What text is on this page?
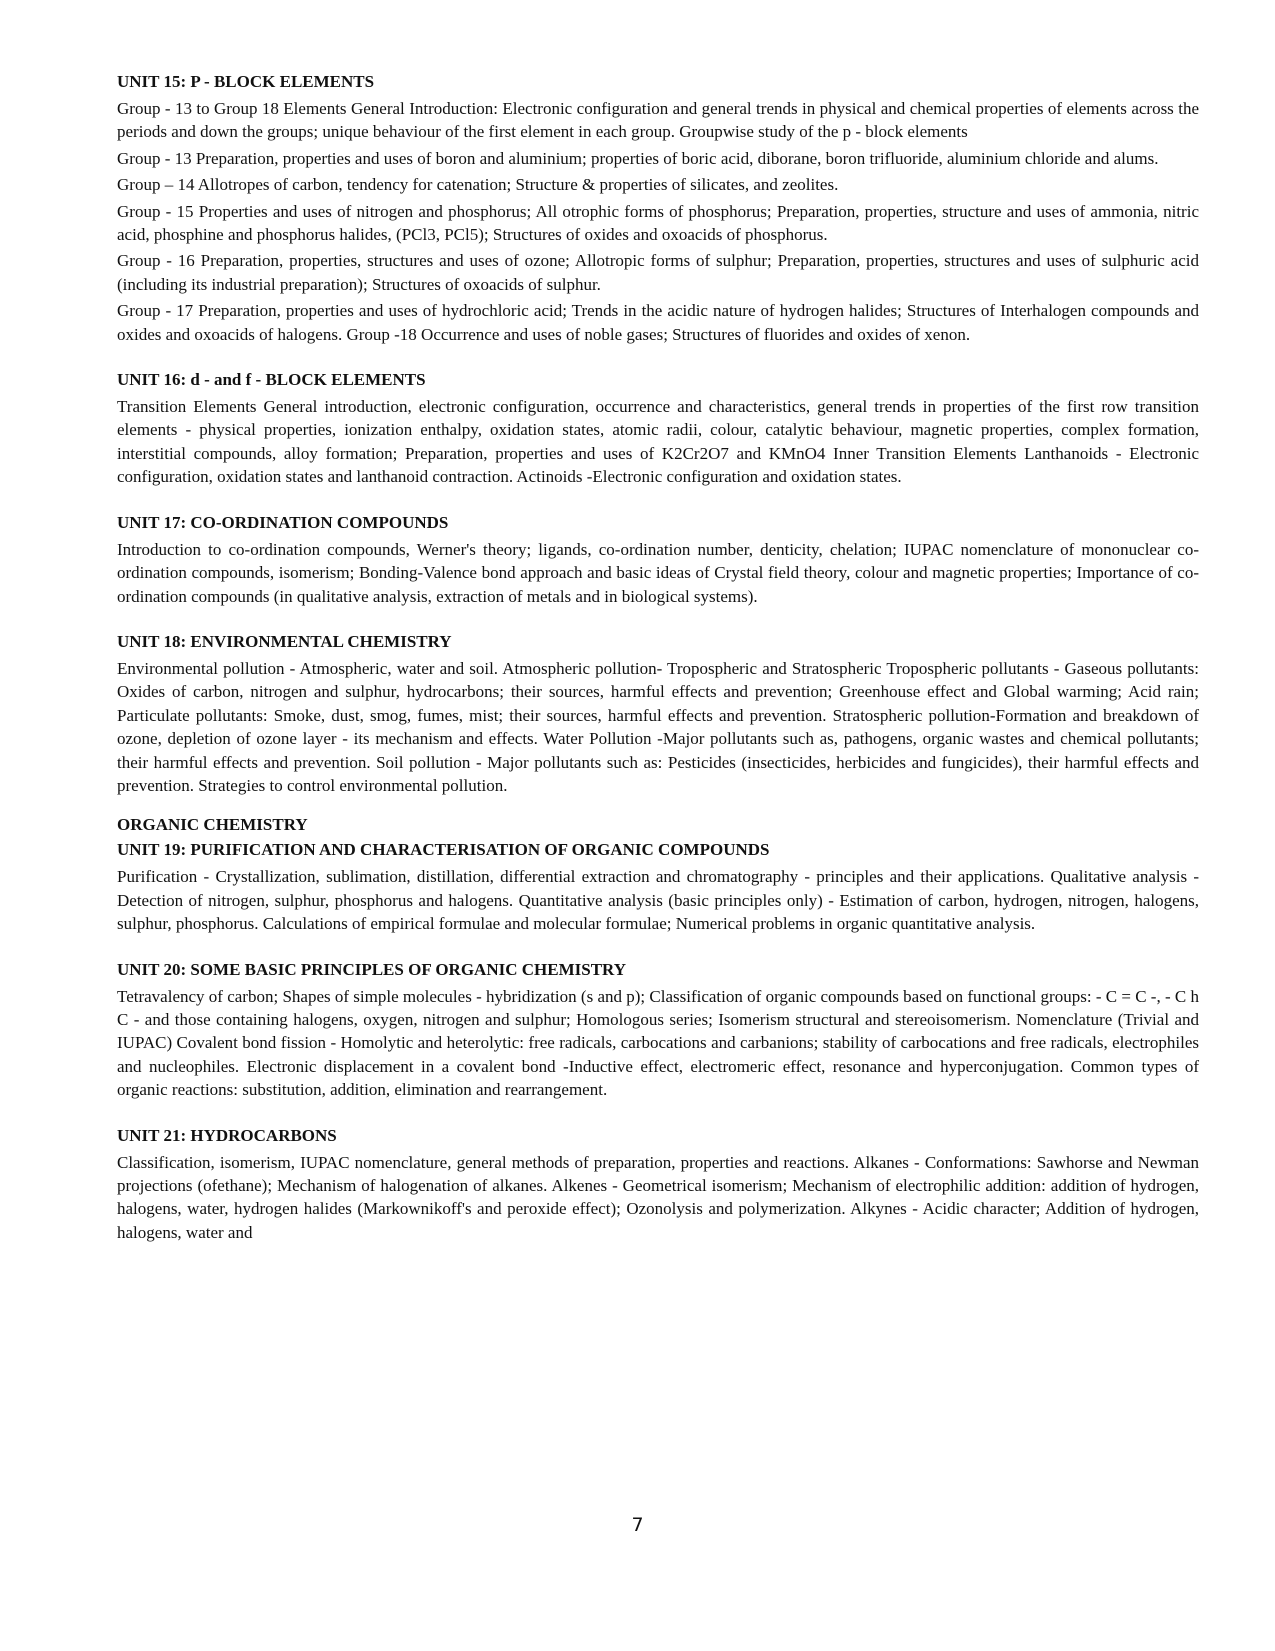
UNIT 15: P - BLOCK ELEMENTS

Group - 13 to Group 18 Elements General Introduction: Electronic configuration and general trends in physical and chemical properties of elements across the periods and down the groups; unique behaviour of the first element in each group. Groupwise study of the p - block elements

Group - 13 Preparation, properties and uses of boron and aluminium; properties of boric acid, diborane, boron trifluoride, aluminium chloride and alums.

Group – 14 Allotropes of carbon, tendency for catenation; Structure & properties of silicates, and zeolites.

Group - 15 Properties and uses of nitrogen and phosphorus; All otrophic forms of phosphorus; Preparation, properties, structure and uses of ammonia, nitric acid, phosphine and phosphorus halides, (PCl3, PCl5); Structures of oxides and oxoacids of phosphorus.

Group - 16 Preparation, properties, structures and uses of ozone; Allotropic forms of sulphur; Preparation, properties, structures and uses of sulphuric acid (including its industrial preparation); Structures of oxoacids of sulphur.

Group - 17 Preparation, properties and uses of hydrochloric acid; Trends in the acidic nature of hydrogen halides; Structures of Interhalogen compounds and oxides and oxoacids of halogens. Group -18 Occurrence and uses of noble gases; Structures of fluorides and oxides of xenon.

UNIT 16: d - and f - BLOCK ELEMENTS

Transition Elements General introduction, electronic configuration, occurrence and characteristics, general trends in properties of the first row transition elements - physical properties, ionization enthalpy, oxidation states, atomic radii, colour, catalytic behaviour, magnetic properties, complex formation, interstitial compounds, alloy formation; Preparation, properties and uses of K2Cr2O7 and KMnO4 Inner Transition Elements Lanthanoids - Electronic configuration, oxidation states and lanthanoid contraction. Actinoids -Electronic configuration and oxidation states.

UNIT 17: CO-ORDINATION COMPOUNDS

Introduction to co-ordination compounds, Werner's theory; ligands, co-ordination number, denticity, chelation; IUPAC nomenclature of mononuclear co-ordination compounds, isomerism; Bonding-Valence bond approach and basic ideas of Crystal field theory, colour and magnetic properties; Importance of co-ordination compounds (in qualitative analysis, extraction of metals and in biological systems).

UNIT 18: ENVIRONMENTAL CHEMISTRY

Environmental pollution - Atmospheric, water and soil. Atmospheric pollution- Tropospheric and Stratospheric Tropospheric pollutants - Gaseous pollutants: Oxides of carbon, nitrogen and sulphur, hydrocarbons; their sources, harmful effects and prevention; Greenhouse effect and Global warming; Acid rain; Particulate pollutants: Smoke, dust, smog, fumes, mist; their sources, harmful effects and prevention. Stratospheric pollution-Formation and breakdown of ozone, depletion of ozone layer - its mechanism and effects. Water Pollution -Major pollutants such as, pathogens, organic wastes and chemical pollutants; their harmful effects and prevention. Soil pollution - Major pollutants such as: Pesticides (insecticides, herbicides and fungicides), their harmful effects and prevention. Strategies to control environmental pollution.

ORGANIC CHEMISTRY
UNIT 19: PURIFICATION AND CHARACTERISATION OF ORGANIC COMPOUNDS

Purification - Crystallization, sublimation, distillation, differential extraction and chromatography - principles and their applications. Qualitative analysis - Detection of nitrogen, sulphur, phosphorus and halogens. Quantitative analysis (basic principles only) - Estimation of carbon, hydrogen, nitrogen, halogens, sulphur, phosphorus. Calculations of empirical formulae and molecular formulae; Numerical problems in organic quantitative analysis.

UNIT 20: SOME BASIC PRINCIPLES OF ORGANIC CHEMISTRY

Tetravalency of carbon; Shapes of simple molecules - hybridization (s and p); Classification of organic compounds based on functional groups: - C = C -, - C h C - and those containing halogens, oxygen, nitrogen and sulphur; Homologous series; Isomerism structural and stereoisomerism. Nomenclature (Trivial and IUPAC) Covalent bond fission - Homolytic and heterolytic: free radicals, carbocations and carbanions; stability of carbocations and free radicals, electrophiles and nucleophiles. Electronic displacement in a covalent bond -Inductive effect, electromeric effect, resonance and hyperconjugation. Common types of organic reactions: substitution, addition, elimination and rearrangement.

UNIT 21: HYDROCARBONS

Classification, isomerism, IUPAC nomenclature, general methods of preparation, properties and reactions. Alkanes - Conformations: Sawhorse and Newman projections (ofethane); Mechanism of halogenation of alkanes. Alkenes - Geometrical isomerism; Mechanism of electrophilic addition: addition of hydrogen, halogens, water, hydrogen halides (Markownikoff's and peroxide effect); Ozonolysis and polymerization. Alkynes - Acidic character; Addition of hydrogen, halogens, water and

7
